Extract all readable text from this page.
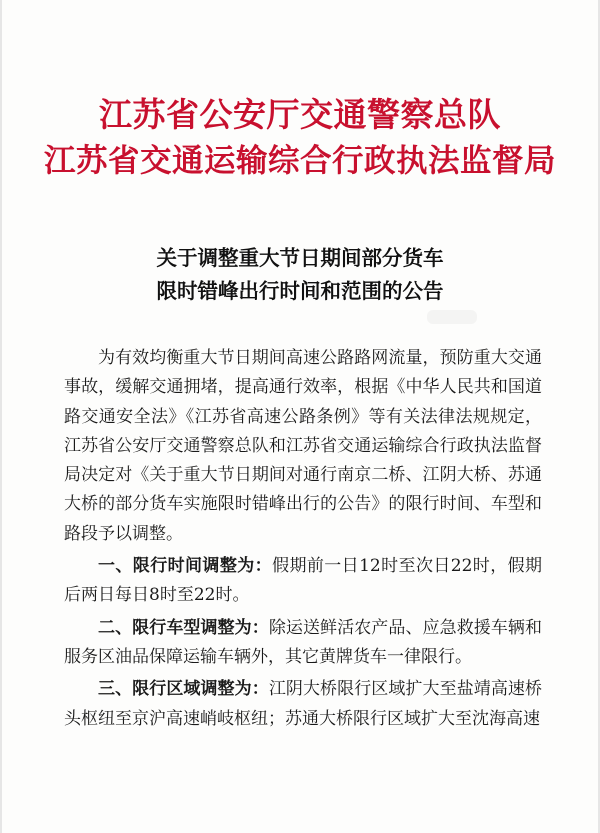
江苏省公安厅交通警察总队
江苏省交通运输综合行政执法监督局
关于调整重大节日期间部分货车
限时错峰出行时间和范围的公告

为有效均衡重大节日期间高速公路路网流量，预防重大交通事故，缓解交通拥堵，提高通行效率，根据《中华人民共和国道路交通安全法》《江苏省高速公路条例》等有关法律法规规定，江苏省公安厅交通警察总队和江苏省交通运输综合行政执法监督局决定对《关于重大节日期间对通行南京二桥、江阴大桥、苏通大桥的部分货车实施限时错峰出行的公告》的限行时间、车型和路段予以调整。

一、限行时间调整为：假期前一日12时至次日22时，假期后两日每日8时至22时。

二、限行车型调整为：除运送鲜活农产品、应急救援车辆和服务区油品保障运输车辆外，其它黄牌货车一律限行。

三、限行区域调整为：江阴大桥限行区域扩大至盐靖高速桥头枢纽至京沪高速峭岐枢纽；苏通大桥限行区域扩大至沈海高速
